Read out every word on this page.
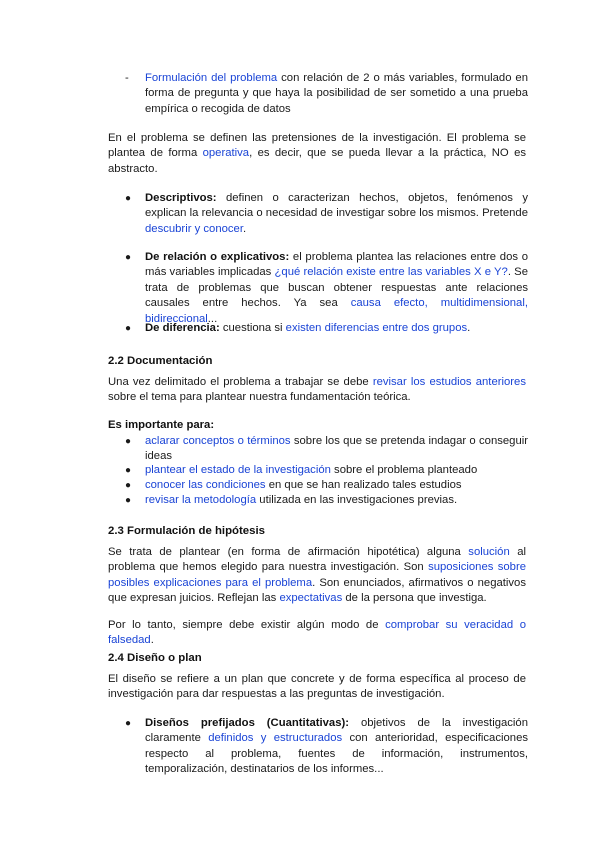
- Formulación del problema con relación de 2 o más variables, formulado en forma de pregunta y que haya la posibilidad de ser sometido a una prueba empírica o recogida de datos

En el problema se definen las pretensiones de la investigación. El problema se plantea de forma operativa, es decir, que se pueda llevar a la práctica, NO es abstracto.

● Descriptivos: definen o caracterizan hechos, objetos, fenómenos y explican la relevancia o necesidad de investigar sobre los mismos. Pretende descubrir y conocer.
● De relación o explicativos: el problema plantea las relaciones entre dos o más variables implicadas ¿qué relación existe entre las variables X e Y?. Se trata de problemas que buscan obtener respuestas ante relaciones causales entre hechos. Ya sea causa efecto, multidimensional, bidireccional...
● De diferencia: cuestiona si existen diferencias entre dos grupos.
2.2 Documentación

Una vez delimitado el problema a trabajar se debe revisar los estudios anteriores sobre el tema para plantear nuestra fundamentación teórica.

Es importante para:

● aclarar conceptos o términos sobre los que se pretenda indagar o conseguir ideas
● plantear el estado de la investigación sobre el problema planteado
● conocer las condiciones en que se han realizado tales estudios
● revisar la metodología utilizada en las investigaciones previas.
2.3 Formulación de hipótesis

Se trata de plantear (en forma de afirmación hipotética) alguna solución al problema que hemos elegido para nuestra investigación. Son suposiciones sobre posibles explicaciones para el problema. Son enunciados, afirmativos o negativos que expresan juicios. Reflejan las expectativas de la persona que investiga.

Por lo tanto, siempre debe existir algún modo de comprobar su veracidad o falsedad.

2.4 Diseño o plan

El diseño se refiere a un plan que concrete y de forma específica al proceso de investigación para dar respuestas a las preguntas de investigación.

● Diseños prefijados (Cuantitativas): objetivos de la investigación claramente definidos y estructurados con anterioridad, especificaciones respecto al problema, fuentes de información, instrumentos, temporalización, destinatarios de los informes...
